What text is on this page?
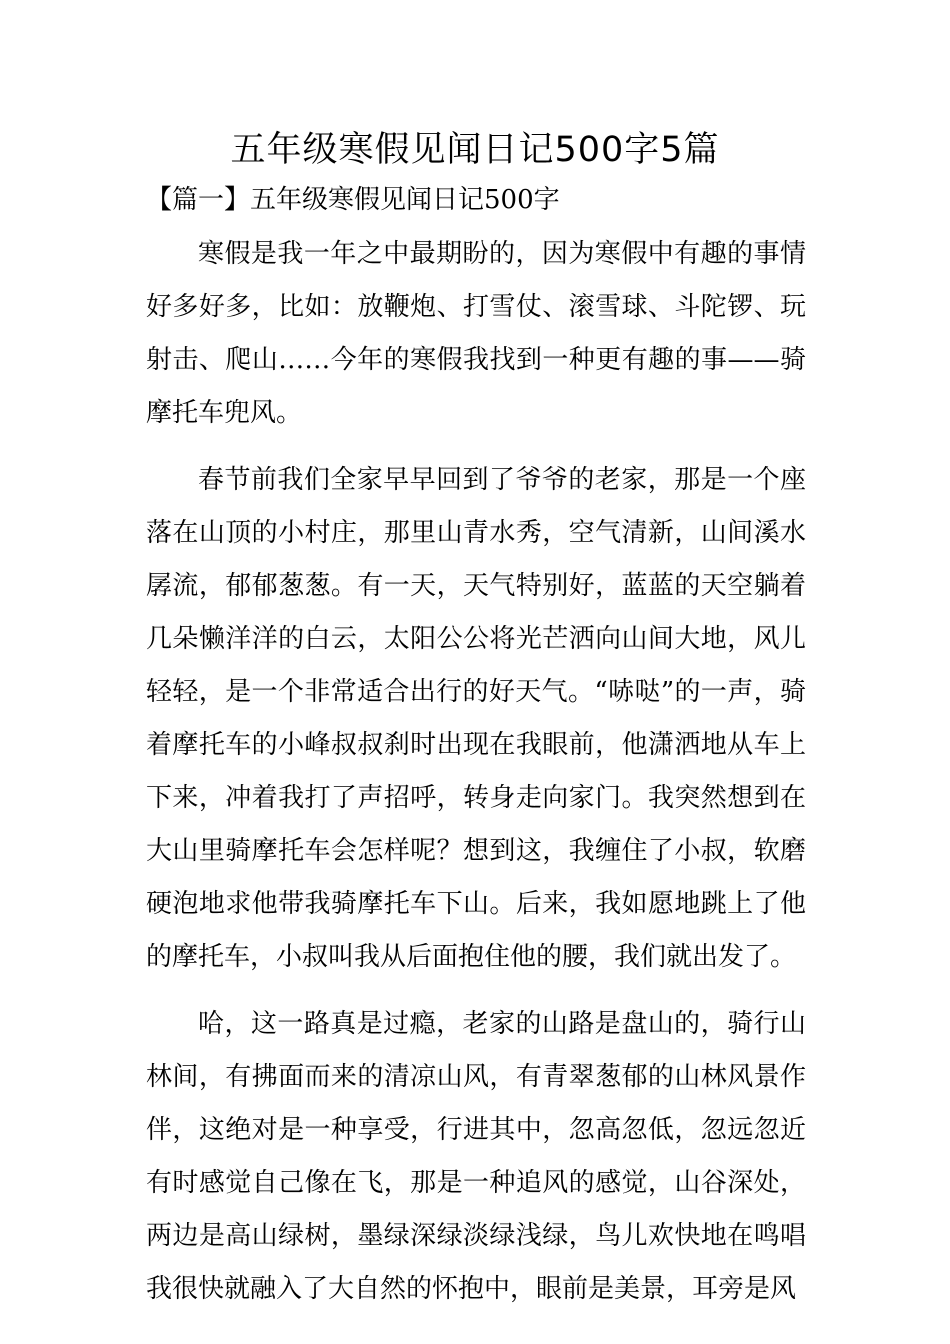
五年级寒假见闻日记500字5篇
【篇一】五年级寒假见闻日记500字

寒假是我一年之中最期盼的，因为寒假中有趣的事情好多好多，比如：放鞭炮、打雪仗、滚雪球、斗陀锣、玩射击、爬山……今年的寒假我找到一种更有趣的事——骑摩托车兜风。

春节前我们全家早早回到了爷爷的老家，那是一个座落在山顶的小村庄，那里山青水秀，空气清新，山间溪水孱流，郁郁葱葱。有一天，天气特别好，蓝蓝的天空躺着几朵懒洋洋的白云，太阳公公将光芒洒向山间大地，风儿轻轻，是一个非常适合出行的好天气。“哧哒”的一声，骑着摩托车的小峰叔叔刹时出现在我眼前，他潇洒地从车上下来，冲着我打了声招呼，转身走向家门。我突然想到在大山里骑摩托车会怎样呢？想到这，我缠住了小叔，软磨硬泡地求他带我骑摩托车下山。后来，我如愿地跳上了他的摩托车，小叔叫我从后面抱住他的腰，我们就出发了。

哈，这一路真是过瘾，老家的山路是盘山的，骑行山林间，有拂面而来的清凉山风，有青翠葱郁的山林风景作伴，这绝对是一种享受，行进其中，忽高忽低，忽远忽近有时感觉自己像在飞，那是一种追风的感觉，山谷深处，两边是高山绿树，墨绿深绿淡绿浅绿，鸟儿欢快地在鸣唱我很快就融入了大自然的怀抱中，眼前是美景，耳旁是风
